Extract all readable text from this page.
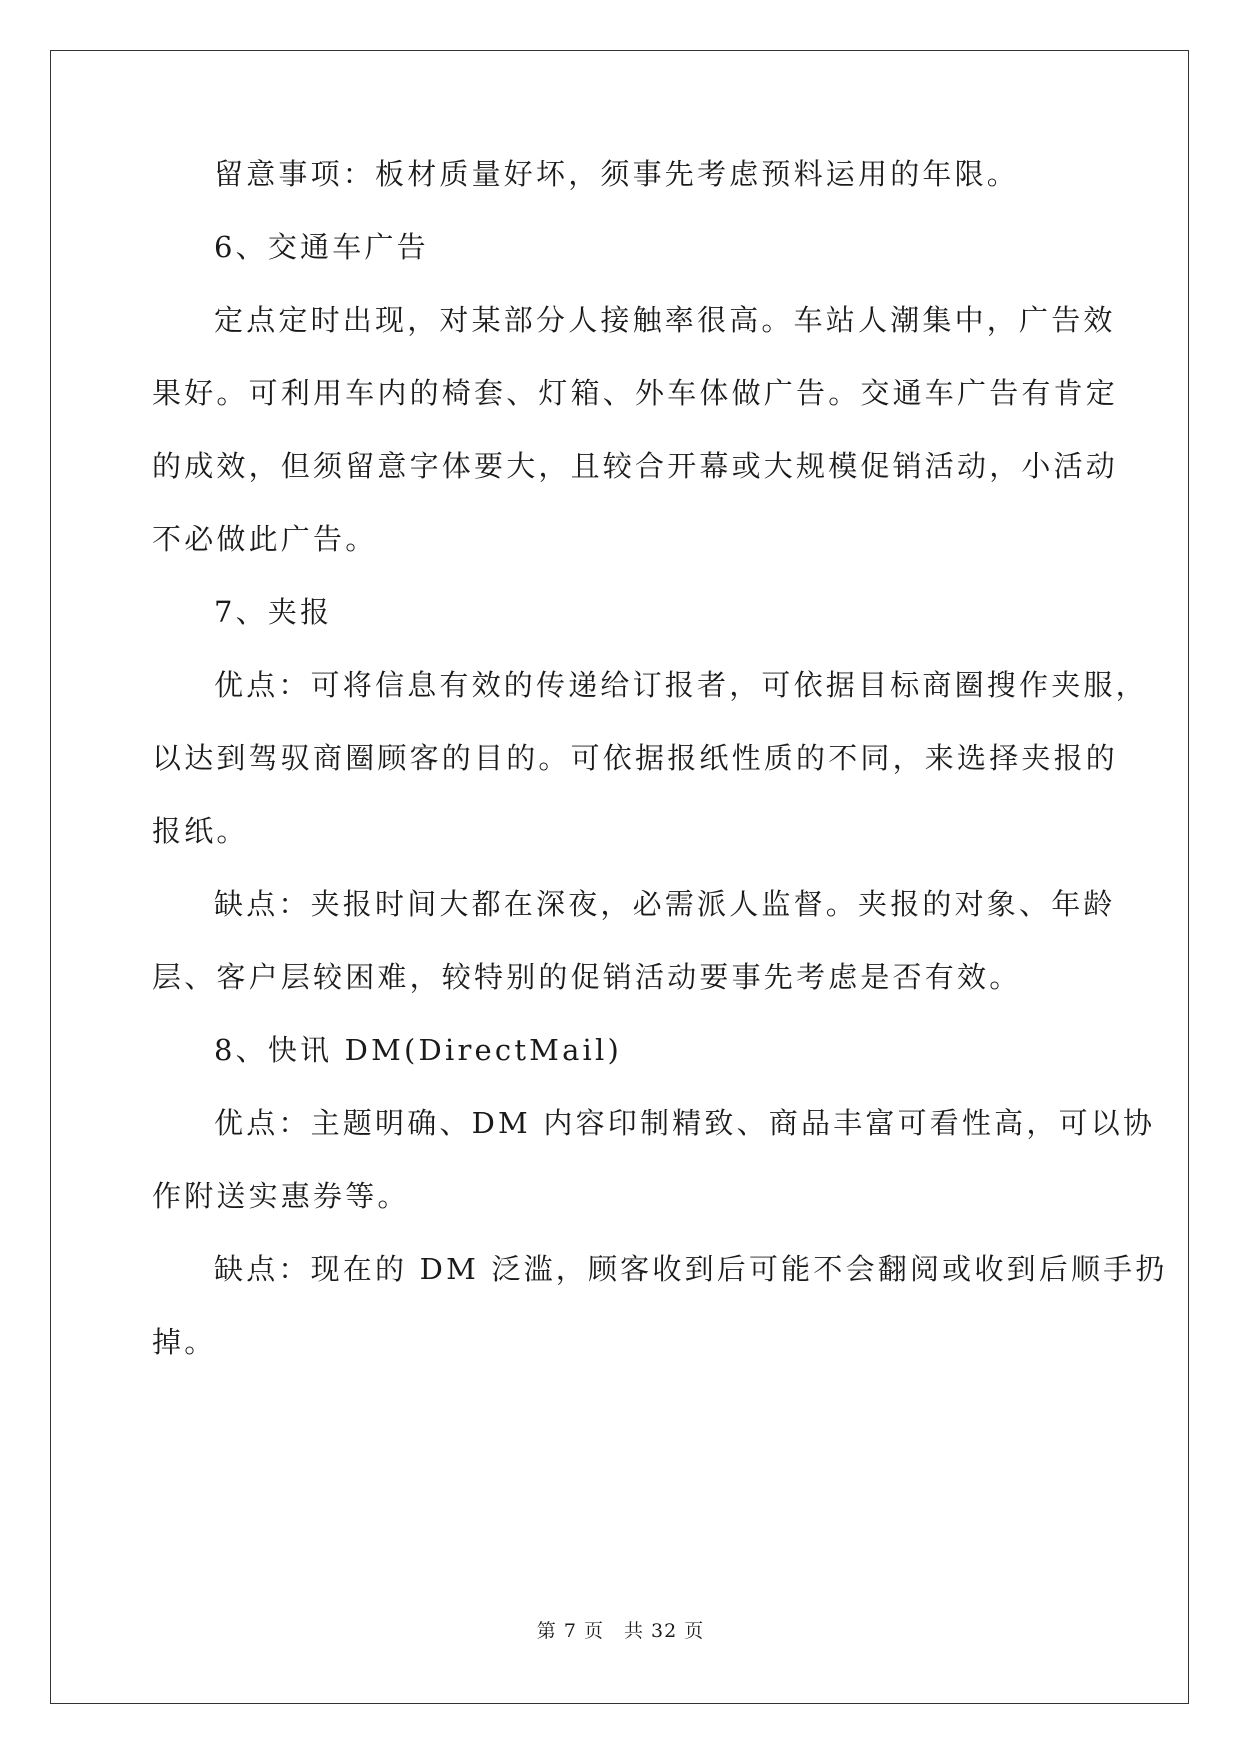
留意事项：板材质量好坏，须事先考虑预料运用的年限。
6、交通车广告
定点定时出现，对某部分人接触率很高。车站人潮集中，广告效
果好。可利用车内的椅套、灯箱、外车体做广告。交通车广告有肯定
的成效，但须留意字体要大，且较合开幕或大规模促销活动，小活动
不必做此广告。
7、夹报
优点：可将信息有效的传递给订报者，可依据目标商圈搜作夹服，
以达到驾驭商圈顾客的目的。可依据报纸性质的不同，来选择夹报的
报纸。
缺点：夹报时间大都在深夜，必需派人监督。夹报的对象、年龄
层、客户层较困难，较特别的促销活动要事先考虑是否有效。
8、快讯 DM(DirectMail)
优点：主题明确、DM 内容印制精致、商品丰富可看性高，可以协
作附送实惠券等。
缺点：现在的 DM 泛滥，顾客收到后可能不会翻阅或收到后顺手扔
掉。
第 7 页　共 32 页
